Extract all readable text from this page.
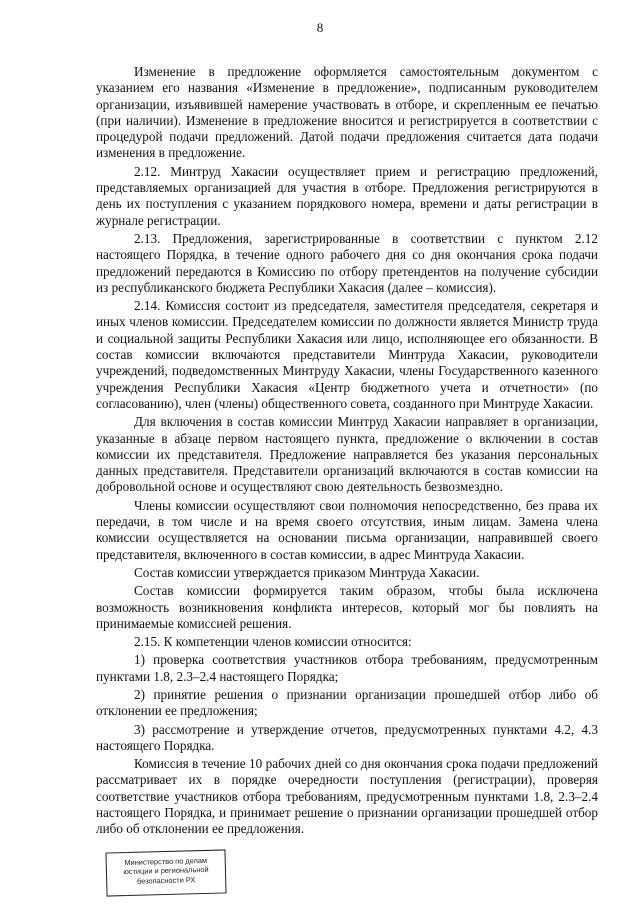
8

Изменение в предложение оформляется самостоятельным документом с указанием его названия «Изменение в предложение», подписанным руководителем организации, изъявившей намерение участвовать в отборе, и скрепленным ее печатью (при наличии). Изменение в предложение вносится и регистрируется в соответствии с процедурой подачи предложений. Датой подачи предложения считается дата подачи изменения в предложение.

2.12. Минтруд Хакасии осуществляет прием и регистрацию предложений, представляемых организацией для участия в отборе. Предложения регистрируются в день их поступления с указанием порядкового номера, времени и даты регистрации в журнале регистрации.

2.13. Предложения, зарегистрированные в соответствии с пунктом 2.12 настоящего Порядка, в течение одного рабочего дня со дня окончания срока подачи предложений передаются в Комиссию по отбору претендентов на получение субсидии из республиканского бюджета Республики Хакасия (далее – комиссия).

2.14. Комиссия состоит из председателя, заместителя председателя, секретаря и иных членов комиссии. Председателем комиссии по должности является Министр труда и социальной защиты Республики Хакасия или лицо, исполняющее его обязанности. В состав комиссии включаются представители Минтруда Хакасии, руководители учреждений, подведомственных Минтруду Хакасии, члены Государственного казенного учреждения Республики Хакасия «Центр бюджетного учета и отчетности» (по согласованию), член (члены) общественного совета, созданного при Минтруде Хакасии.

Для включения в состав комиссии Минтруд Хакасии направляет в организации, указанные в абзаце первом настоящего пункта, предложение о включении в состав комиссии их представителя. Предложение направляется без указания персональных данных представителя. Представители организаций включаются в состав комиссии на добровольной основе и осуществляют свою деятельность безвозмездно.

Члены комиссии осуществляют свои полномочия непосредственно, без права их передачи, в том числе и на время своего отсутствия, иным лицам. Замена члена комиссии осуществляется на основании письма организации, направившей своего представителя, включенного в состав комиссии, в адрес Минтруда Хакасии.

Состав комиссии утверждается приказом Минтруда Хакасии.

Состав комиссии формируется таким образом, чтобы была исключена возможность возникновения конфликта интересов, который мог бы повлиять на принимаемые комиссией решения.

2.15. К компетенции членов комиссии относится:

1) проверка соответствия участников отбора требованиям, предусмотренным пунктами 1.8, 2.3–2.4 настоящего Порядка;

2) принятие решения о признании организации прошедшей отбор либо об отклонении ее предложения;

3) рассмотрение и утверждение отчетов, предусмотренных пунктами 4.2, 4.3 настоящего Порядка.

Комиссия в течение 10 рабочих дней со дня окончания срока подачи предложений рассматривает их в порядке очередности поступления (регистрации), проверяя соответствие участников отбора требованиям, предусмотренным пунктами 1.8, 2.3–2.4 настоящего Порядка, и принимает решение о признании организации прошедшей отбор либо об отклонении ее предложения.

Министерство по делам
юстиции и региональной
безопасности РХ
